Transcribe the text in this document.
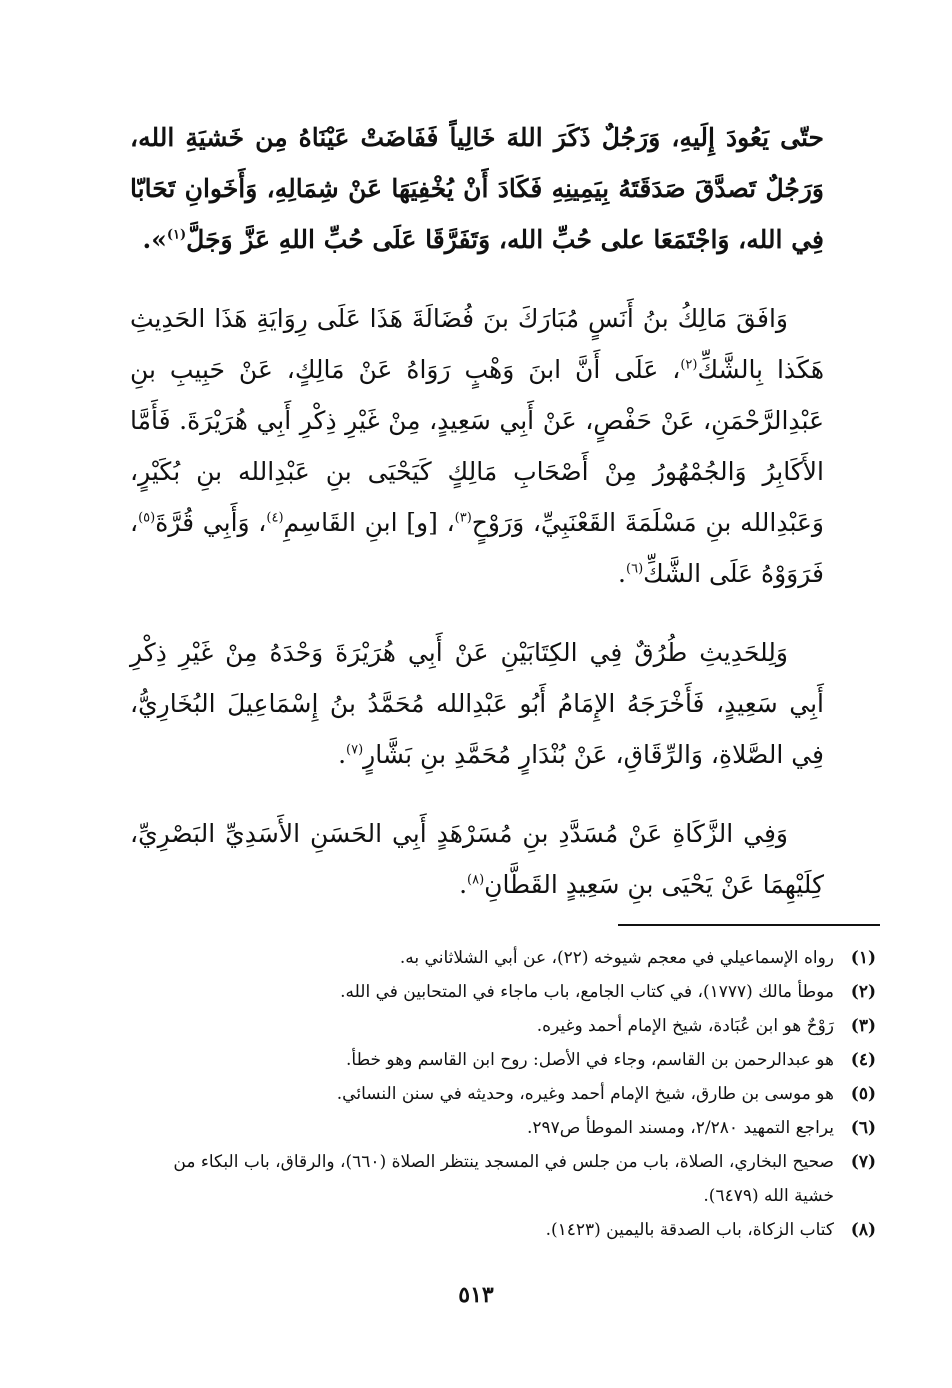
حتّى يَعُودَ إِلَيهِ، وَرَجُلٌ ذَكَرَ اللهَ خَالِياً فَفَاضَتْ عَيْنَاهُ مِن خَشيَةِ الله، وَرَجُلٌ تَصدَّقَ صَدَقَتَهُ بِيَمِينِهِ فَكَادَ أَنْ يُخْفِيَهَا عَنْ شِمَالِهِ، وَأَخَوانِ تَحَابّا فِي الله، وَاجْتَمَعَا على حُبِّ الله، وَتَفَرَّقَا عَلَى حُبِّ اللهِ عَزَّ وَجَلَّ$^{(١)}$».

وَافَقَ مَالِكُ بنُ أَنَسٍ مُبَارَكَ بنَ فُضَالَةَ هَذَا عَلَى رِوَايَةِ هَذَا الحَدِيثِ هَكَذا بِالشَّكِّ$^{(٢)}$، عَلَى أَنَّ ابنَ وَهْبٍ رَوَاهُ عَنْ مَالِكٍ، عَنْ حَبِيبِ بنِ عَبْدِالرَّحْمَنِ، عَنْ حَفْصٍ، عَنْ أَبِي سَعِيدٍ، مِنْ غَيْرِ ذِكْرِ أَبِي هُرَيْرَةَ. فَأَمَّا الأَكَابِرُ وَالجُمْهُورُ مِنْ أَصْحَابِ مَالِكٍ كَيَحْيَى بنِ عَبْدِالله بنِ بُكَيْرٍ، وَعَبْدِالله بنِ مَسْلَمَةَ القَعْنَبِيِّ، وَرَوْحٍ$^{(٣)}$، [و] ابنِ القَاسِمِ$^{(٤)}$، وَأَبِي قُرَّةَ$^{(٥)}$، فَرَوَوْهُ عَلَى الشَّكِّ$^{(٦)}$.

وَلِلحَدِيثِ طُرُقٌ فِي الكِتَابَيْنِ عَنْ أَبِي هُرَيْرَةَ وَحْدَهُ مِنْ غَيْرِ ذِكْرِ أَبِي سَعِيدٍ، فَأَخْرَجَهُ الإِمَامُ أَبُو عَبْدِالله مُحَمَّدُ بنُ إِسْمَاعِيلَ البُخَارِيُّ، فِي الصَّلاةِ، وَالرِّقَاقِ، عَنْ بُنْدَارٍ مُحَمَّدِ بنِ بَشَّارٍ$^{(٧)}$.

وَفِي الزَّكَاةِ عَنْ مُسَدَّدِ بنِ مُسَرْهَدٍ أَبِي الحَسَنِ الأَسَدِيِّ البَصْرِيِّ، كِلَيْهِمَا عَنْ يَحْيَى بنِ سَعِيدٍ القَطَّانِ$^{(٨)}$.

(١)
رواه الإسماعيلي في معجم شيوخه (٢٢)، عن أبي الشلاثاني به.
(٢)
موطأ مالك (١٧٧٧)، في كتاب الجامع، باب ماجاء في المتحابين في الله.
(٣)
رَوْحٌ هو ابن عُبَادة، شيخ الإمام أحمد وغيره.
(٤)
هو عبدالرحمن بن القاسم، وجاء في الأصل: روح ابن القاسم وهو خطأ.
(٥)
هو موسى بن طارق، شيخ الإمام أحمد وغيره، وحديثه في سنن النسائي.
(٦)
يراجع التمهيد ٢/٢٨٠، ومسند الموطأ ص٢٩٧.
(٧)
صحيح البخاري، الصلاة، باب من جلس في المسجد ينتظر الصلاة (٦٦٠)، والرقاق، باب البكاء من خشية الله (٦٤٧٩).
(٨)
كتاب الزكاة، باب الصدقة باليمين (١٤٢٣).
٥١٣
